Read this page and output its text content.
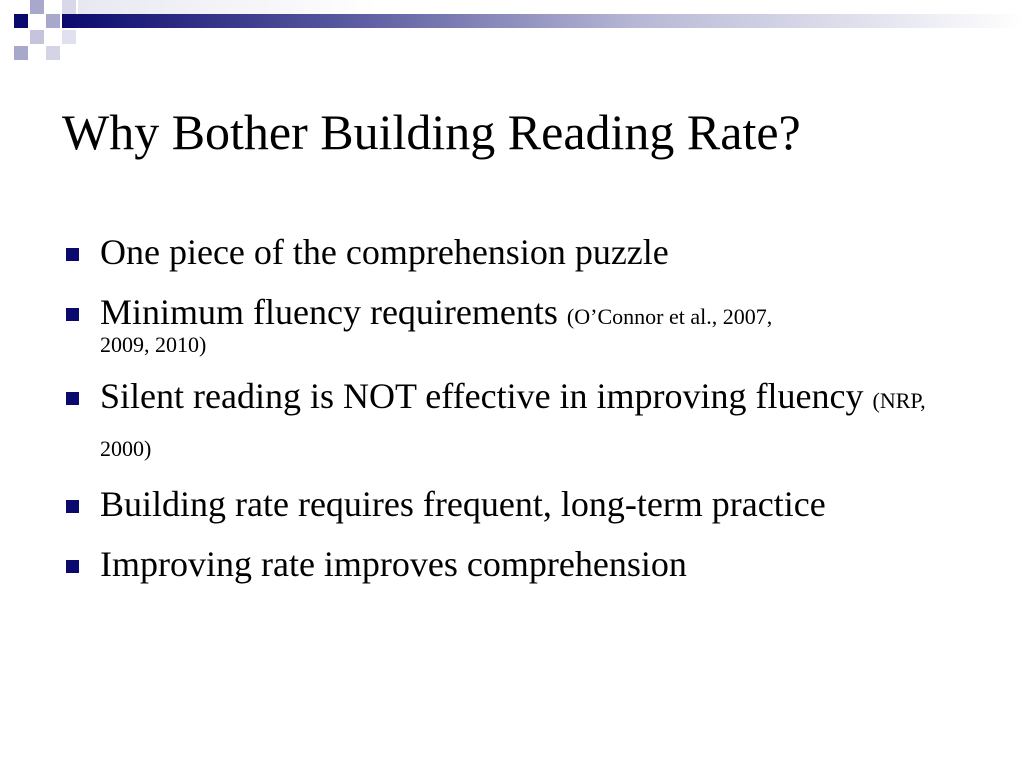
Why Bother Building Reading Rate?
One piece of the comprehension puzzle
Minimum fluency requirements (O’Connor et al., 2007,
2009, 2010)
Silent reading is NOT effective in improving fluency (NRP, 2000)
Building rate requires frequent, long-term practice
Improving rate improves comprehension
